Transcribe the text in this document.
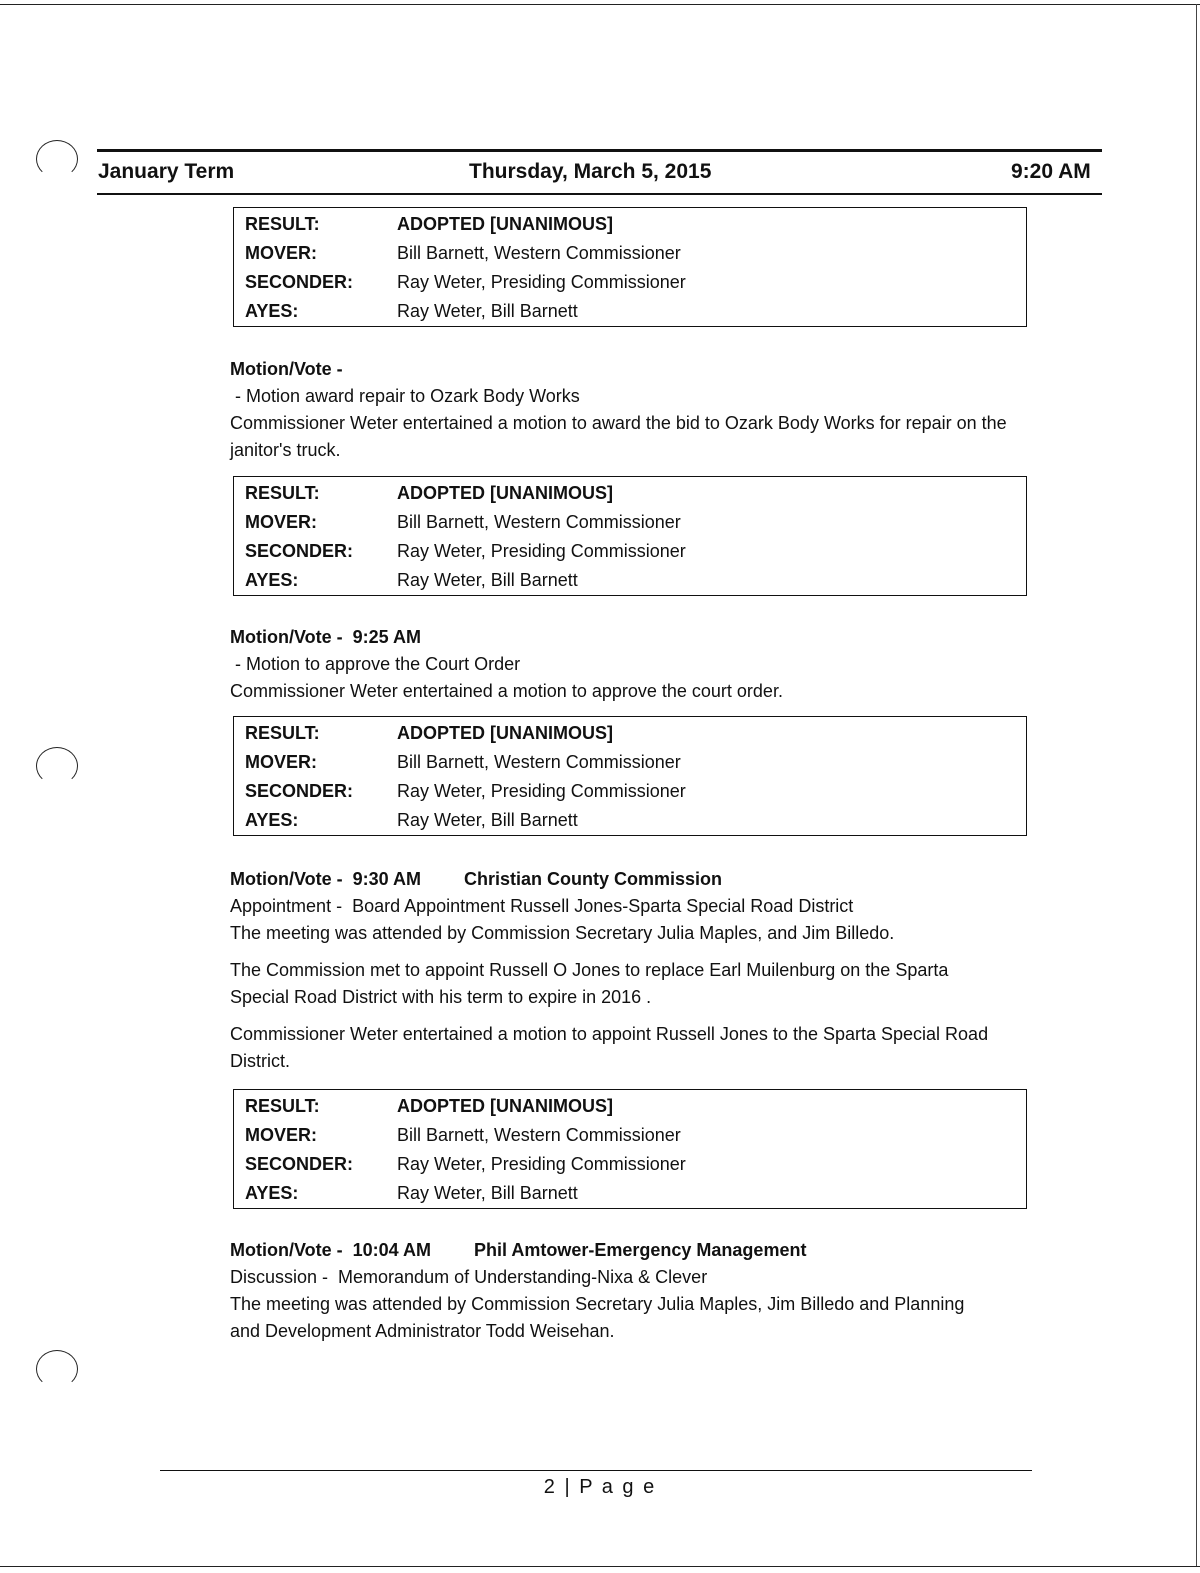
January Term	Thursday, March 5, 2015	9:20 AM
RESULT:	ADOPTED [UNANIMOUS]
MOVER:	Bill Barnett, Western Commissioner
SECONDER:	Ray Weter, Presiding Commissioner
AYES:	Ray Weter, Bill Barnett
Motion/Vote -
- Motion award repair to Ozark Body Works
Commissioner Weter entertained a motion to award the bid to Ozark Body Works for repair on the janitor's truck.
RESULT:	ADOPTED [UNANIMOUS]
MOVER:	Bill Barnett, Western Commissioner
SECONDER:	Ray Weter, Presiding Commissioner
AYES:	Ray Weter, Bill Barnett
Motion/Vote -  9:25 AM
- Motion to approve the Court Order
Commissioner Weter entertained a motion to approve the court order.
RESULT:	ADOPTED [UNANIMOUS]
MOVER:	Bill Barnett, Western Commissioner
SECONDER:	Ray Weter, Presiding Commissioner
AYES:	Ray Weter, Bill Barnett
Motion/Vote -  9:30 AM Christian County Commission
Appointment -  Board Appointment Russell Jones-Sparta Special Road District
The meeting was attended by Commission Secretary Julia Maples, and Jim Billedo.
The Commission met to appoint Russell O Jones to replace Earl Muilenburg on the Sparta Special Road District with his term to expire in 2016 .
Commissioner Weter entertained a motion to appoint Russell Jones to the Sparta Special Road District.
RESULT:	ADOPTED [UNANIMOUS]
MOVER:	Bill Barnett, Western Commissioner
SECONDER:	Ray Weter, Presiding Commissioner
AYES:	Ray Weter, Bill Barnett
Motion/Vote -  10:04 AM Phil Amtower-Emergency Management
Discussion -  Memorandum of Understanding-Nixa & Clever
The meeting was attended by Commission Secretary Julia Maples, Jim Billedo and Planning and Development Administrator Todd Weisehan.
2 | P a g e
